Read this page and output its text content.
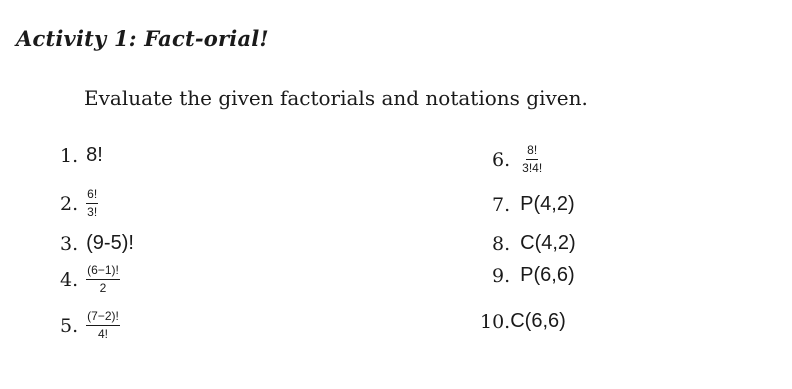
Activity 1: Fact-orial!
Evaluate the given factorials and notations given.
1. 8!
2. $\frac{6!}{3!}$
3. (9-5)!
4. $\frac{(6-1)!}{2}$
5. $\frac{(7-2)!}{4!}$
6. $\frac{8!}{3!4!}$
7. P(4,2)
8. C(4,2)
9. P(6,6)
10. C(6,6)
